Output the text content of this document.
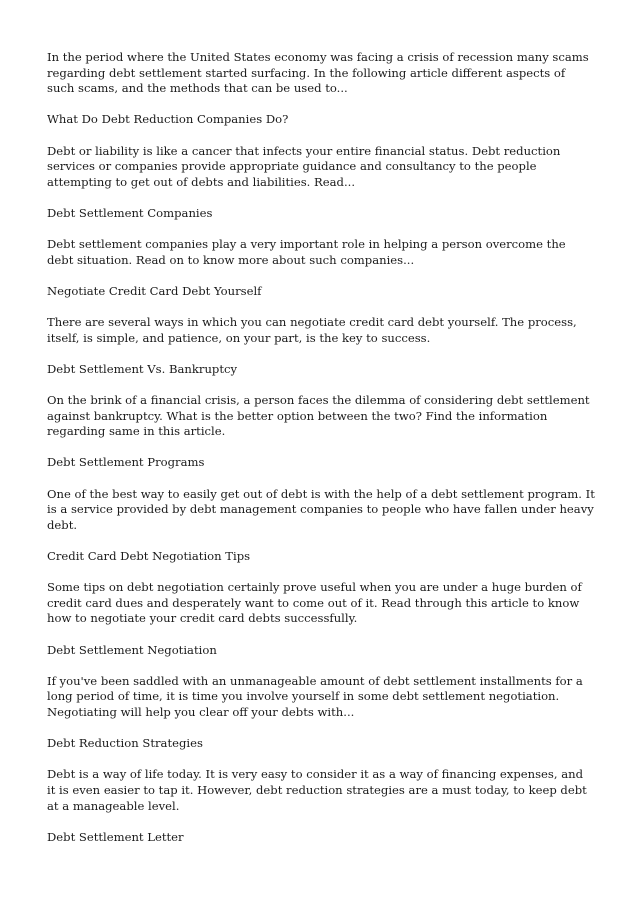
In the period where the United States economy was facing a crisis of recession many scams regarding debt settlement started surfacing. In the following article different aspects of such scams, and the methods that can be used to...

What Do Debt Reduction Companies Do?

Debt or liability is like a cancer that infects your entire financial status. Debt reduction services or companies provide appropriate guidance and consultancy to the people attempting to get out of debts and liabilities. Read...

Debt Settlement Companies

Debt settlement companies play a very important role in helping a person overcome the debt situation. Read on to know more about such companies...

Negotiate Credit Card Debt Yourself

There are several ways in which you can negotiate credit card debt yourself. The process, itself, is simple, and patience, on your part, is the key to success.

Debt Settlement Vs. Bankruptcy

On the brink of a financial crisis, a person faces the dilemma of considering debt settlement against bankruptcy. What is the better option between the two? Find the information regarding same in this article.

Debt Settlement Programs

One of the best way to easily get out of debt is with the help of a debt settlement program. It is a service provided by debt management companies to people who have fallen under heavy debt.

Credit Card Debt Negotiation Tips

Some tips on debt negotiation certainly prove useful when you are under a huge burden of credit card dues and desperately want to come out of it. Read through this article to know how to negotiate your credit card debts successfully.

Debt Settlement Negotiation

If you've been saddled with an unmanageable amount of debt settlement installments for a long period of time, it is time you involve yourself in some debt settlement negotiation. Negotiating will help you clear off your debts with...

Debt Reduction Strategies

Debt is a way of life today. It is very easy to consider it as a way of financing expenses, and it is even easier to tap it. However, debt reduction strategies are a must today, to keep debt at a manageable level.

Debt Settlement Letter
